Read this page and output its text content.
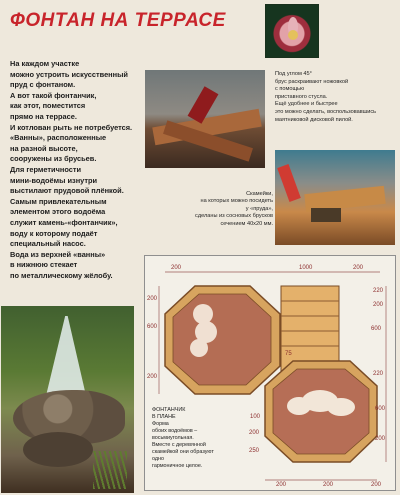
ФОНТАН НА ТЕРРАСЕ
На каждом участке
можно устроить искусственный
пруд с фонтаном.
А вот такой фонтанчик,
как этот, поместится
прямо на террасе.
И котлован рыть не потребуется.
«Ванны», расположенные
на разной высоте,
сооружены из брусьев.
Для герметичности
мини-водоёмы изнутри
выстилают прудовой плёнкой.
Самым привлекательным
элементом этого водоёма
служит камень-«фонтанчик»,
воду к которому подаёт
специальный насос.
Вода из верхней «ванны»
в нижнюю стекает
по металлическому жёлобу.
Под углом 45°
брус раскраивают ножовкой
с помощью
приставного стусла.
Ещё удобнее и быстрее
это можно сделать, воспользовавшись
маятниковой дисковой пилой.
Скамейки,
на которых можно посидеть
у «пруда»,
сделаны из сосновых брусков
сечением 40х20 мм.
200	1000	200
600	600
200
220
200
200	220
75
100
200
250
200	200
600
200
200
ФОНТАНЧИК
В ПЛАНЕ
Форма
обоих водоёмов –
восьмиугольная.
Вместе с деревянной
скамейкой они образуют
одно
гармоничное целое.
